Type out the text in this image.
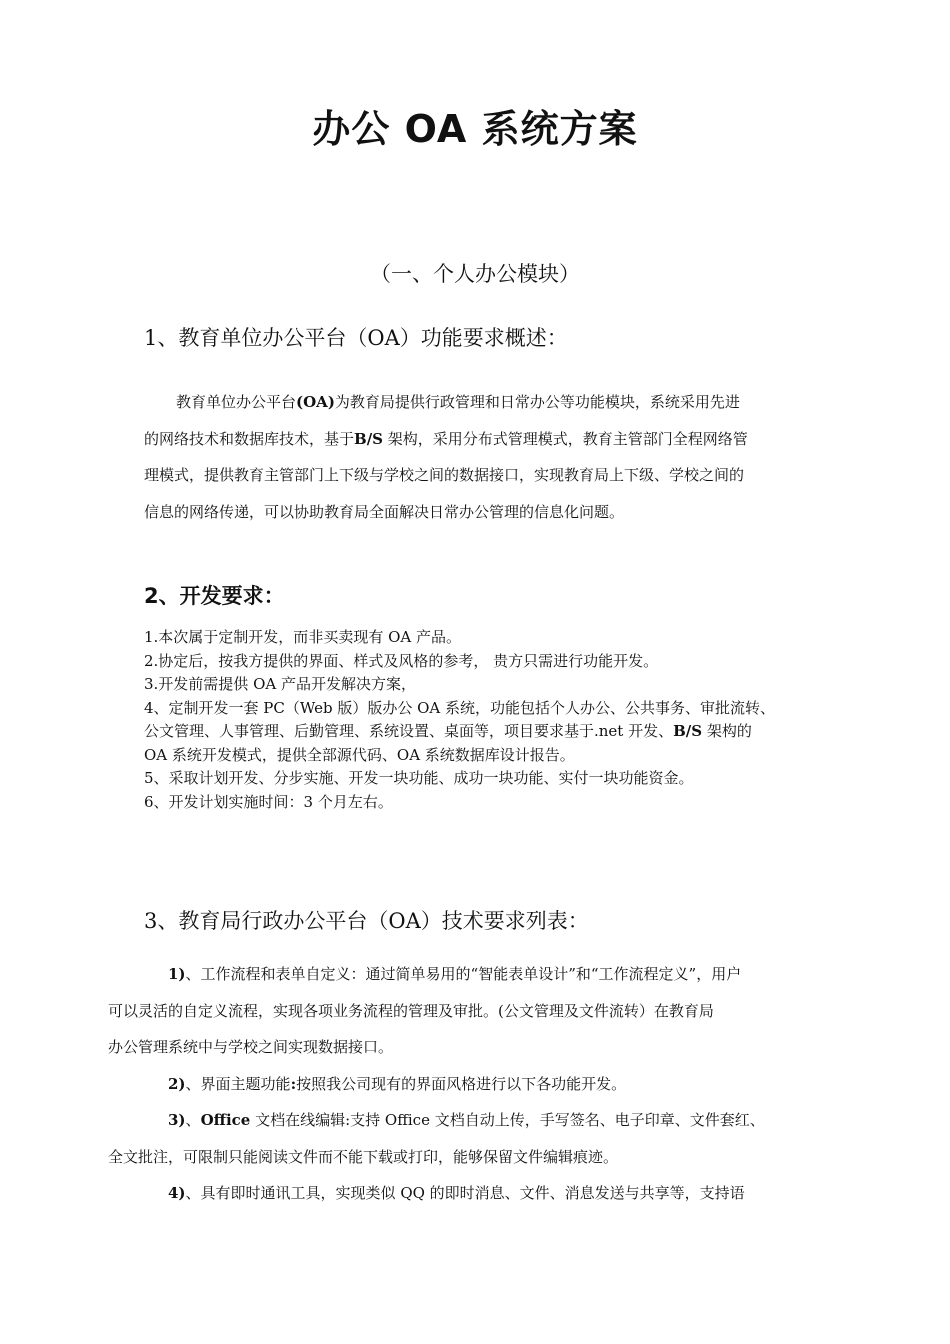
办公 OA 系统方案

（一、个人办公模块）

1、教育单位办公平台（OA）功能要求概述：
教育单位办公平台(OA)为教育局提供行政管理和日常办公等功能模块，系统采用先进
的网络技术和数据库技术，基于B/S 架构，采用分布式管理模式，教育主管部门全程网络管
理模式，提供教育主管部门上下级与学校之间的数据接口，实现教育局上下级、学校之间的
信息的网络传递，可以协助教育局全面解决日常办公管理的信息化问题。
2、开发要求：
1.本次属于定制开发，而非买卖现有 OA 产品。
2.协定后，按我方提供的界面、样式及风格的参考， 贵方只需进行功能开发。
3.开发前需提供 OA 产品开发解决方案，
4、定制开发一套 PC（Web 版）版办公 OA 系统，功能包括个人办公、公共事务、审批流转、
公文管理、人事管理、后勤管理、系统设置、桌面等，项目要求基于.net 开发、B/S 架构的
OA 系统开发模式，提供全部源代码、OA 系统数据库设计报告。
5、采取计划开发、分步实施、开发一块功能、成功一块功能、实付一块功能资金。
6、开发计划实施时间：3 个月左右。
3、教育局行政办公平台（OA）技术要求列表：
1)、工作流程和表单自定义：通过简单易用的“智能表单设计”和“工作流程定义”，用户
可以灵活的自定义流程，实现各项业务流程的管理及审批。(公文管理及文件流转）在教育局
办公管理系统中与学校之间实现数据接口。
2)、界面主题功能:按照我公司现有的界面风格进行以下各功能开发。
3)、Office 文档在线编辑:支持 Office 文档自动上传，手写签名、电子印章、文件套红、
全文批注，可限制只能阅读文件而不能下载或打印，能够保留文件编辑痕迹。
4)、具有即时通讯工具，实现类似 QQ 的即时消息、文件、消息发送与共享等，支持语
